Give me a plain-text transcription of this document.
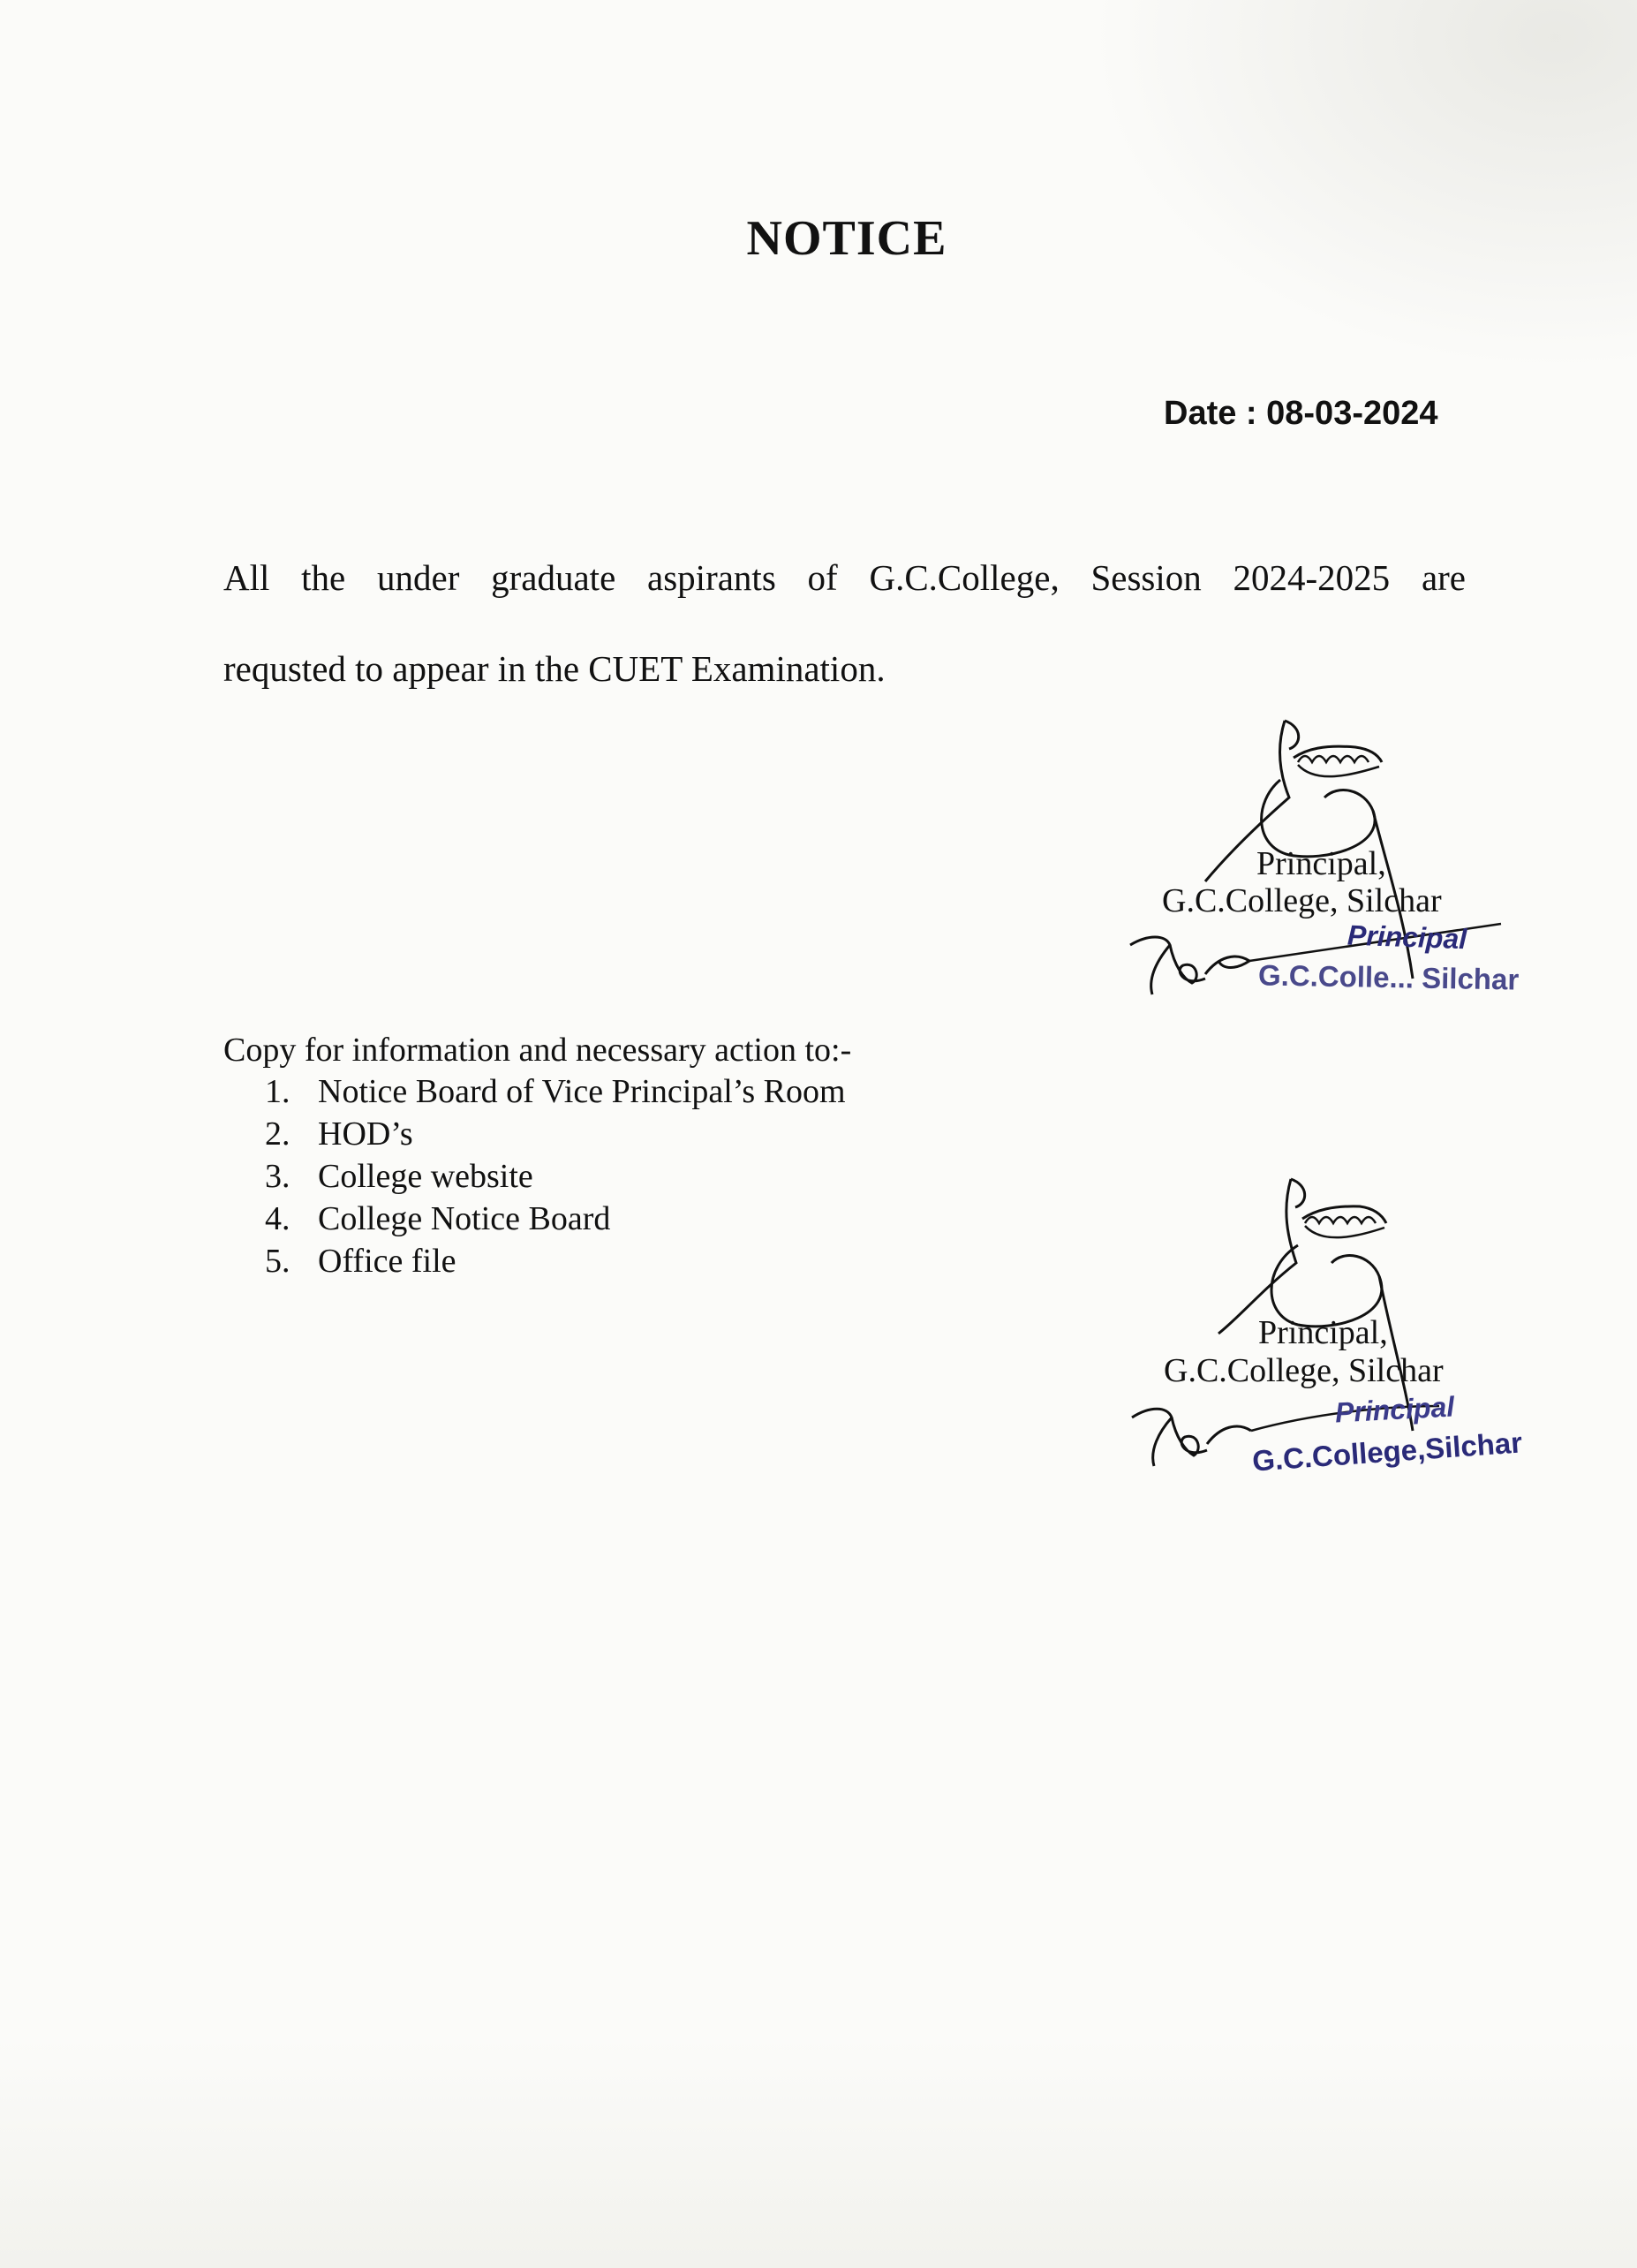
NOTICE
Date : 08-03-2024
All the under graduate aspirants of G.C.College, Session 2024-2025 are
requsted to appear in the CUET Examination.
Principal,
G.C.College, Silchar
Principal
G.C.Colle... Silchar
Copy for information and necessary action to:-
1. Notice Board of Vice Principal’s Room
2. HOD’s
3. College website
4. College Notice Board
5. Office file
Principal,
G.C.College, Silchar
Principal
G.C.College,Silchar
